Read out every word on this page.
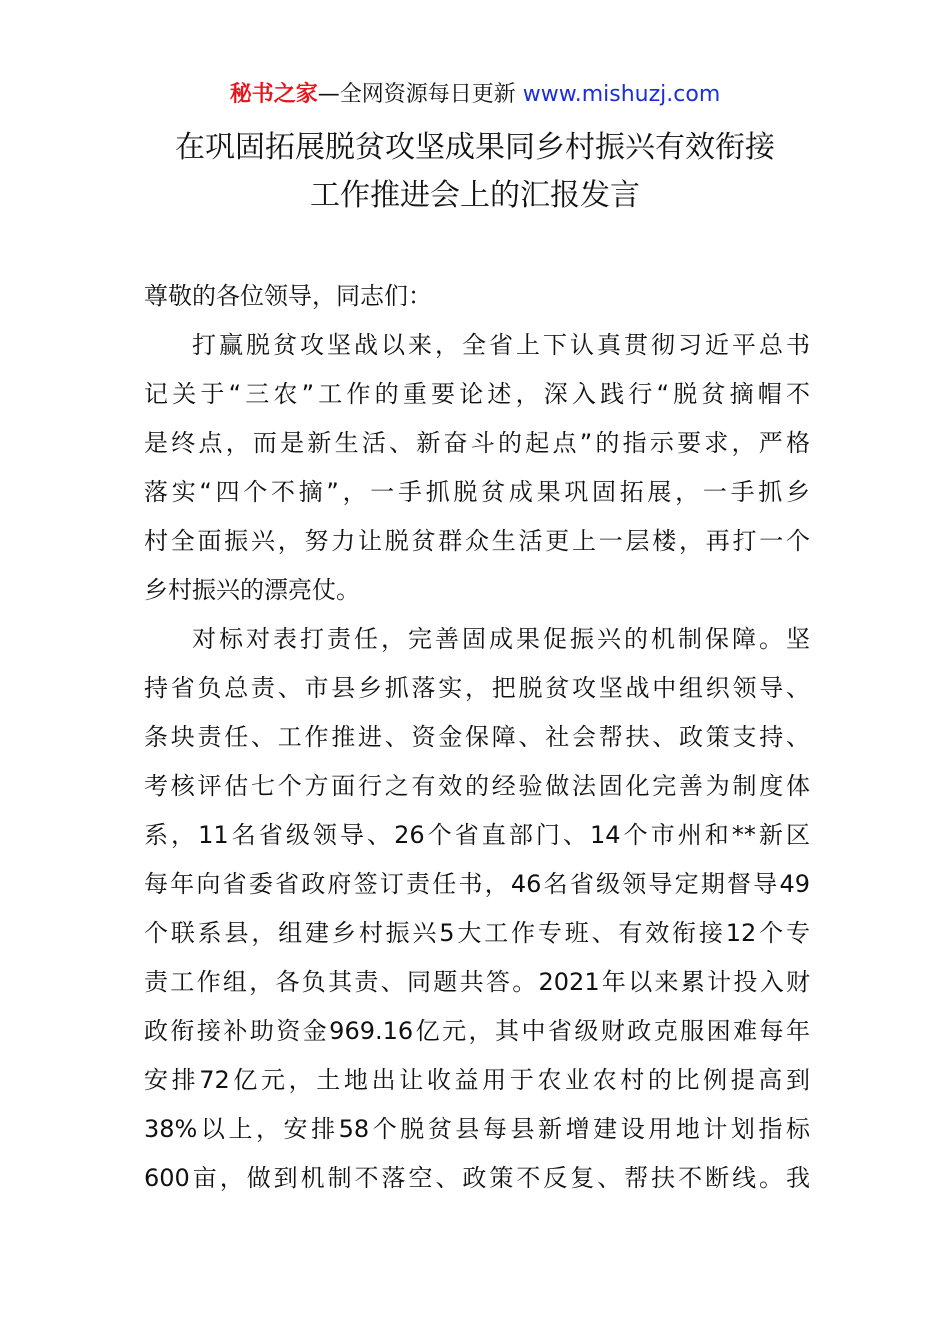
秘书之家—全网资源每日更新 www.mishuzj.com
在巩固拓展脱贫攻坚成果同乡村振兴有效衔接
工作推进会上的汇报发言

尊敬的各位领导，同志们：

打赢脱贫攻坚战以来，全省上下认真贯彻习近平总书

记关于“三农”工作的重要论述，深入践行“脱贫摘帽不

是终点，而是新生活、新奋斗的起点”的指示要求，严格

落实“四个不摘”，一手抓脱贫成果巩固拓展，一手抓乡

村全面振兴，努力让脱贫群众生活更上一层楼，再打一个

乡村振兴的漂亮仗。

对标对表打责任，完善固成果促振兴的机制保障。坚

持省负总责、市县乡抓落实，把脱贫攻坚战中组织领导、

条块责任、工作推进、资金保障、社会帮扶、政策支持、

考核评估七个方面行之有效的经验做法固化完善为制度体

系，11名省级领导、26个省直部门、14个市州和**新区

每年向省委省政府签订责任书，46名省级领导定期督导49

个联系县，组建乡村振兴5大工作专班、有效衔接12个专

责工作组，各负其责、同题共答。2021年以来累计投入财

政衔接补助资金969.16亿元，其中省级财政克服困难每年

安排72亿元，土地出让收益用于农业农村的比例提高到

38%以上，安排58个脱贫县每县新增建设用地计划指标

600亩，做到机制不落空、政策不反复、帮扶不断线。我
